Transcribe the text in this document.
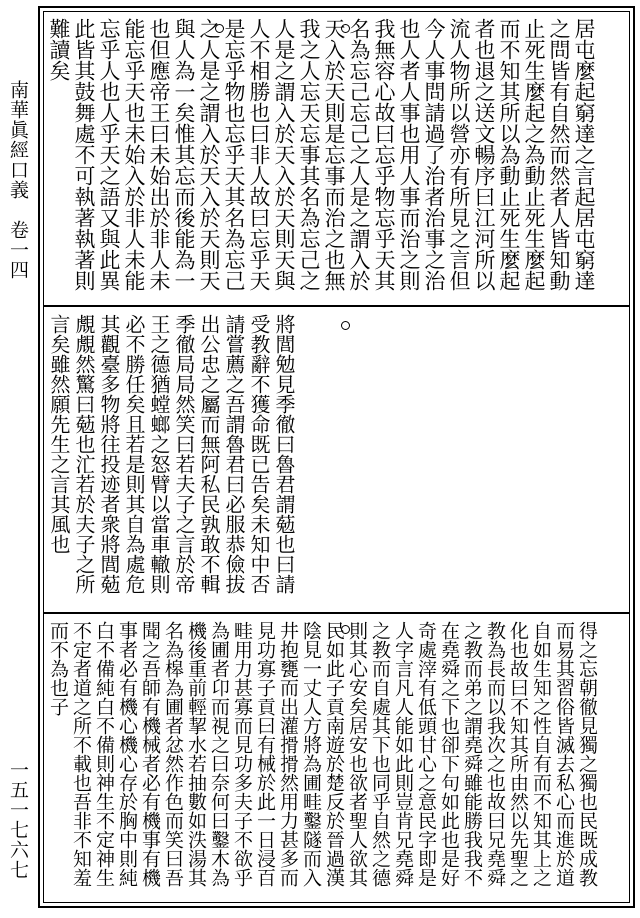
南華眞經口義　卷一四
一五一七六七
居屯麼起窮達之言起居屯窮達之問皆有自然而然者人皆知動止死生麼起之為動止死生麼起而不知其所以為動止死生麼起者也退之送文暢序曰江河所以流人物所以營亦有所見之言但今人事問請過了治者治事之治也人者人事也用人事而治之則我無容心故曰忘乎物忘乎天其名為忘己忘己之人是之謂入於天入於天則是忘事而治之也無我之人忘天忘事其名為忘己之人是之謂入於天入於天則天與人不相勝也曰非人故曰忘乎天是忘乎物也忘乎天其名為忘己之人是之謂入於天入於天則天與人為一矣惟其忘而後能為一也但應帝王曰未始出於非人未能忘乎天也未始入於非人未能忘乎人也人乎天之語又與此異此皆其鼓舞處不可執著執著則難讀矣
將閭勉見季徹曰魯君謂葂也曰請受教辭不獲命既已告矣未知中否請嘗薦之吾謂魯君曰必服恭儉拔出公忠之屬而無阿私民孰敢不輯季徹局局然笑曰若夫子之言於帝王之德猶螳螂之怒臂以當車轍則必不勝任矣且若是則其自為處危其觀臺多物將往投迹者衆將閭葂覤覤然驚曰葂也汒若於夫子之所言矣雖然願先生之言其風也
得之忘朝徹見獨之獨也民既成教而易其習俗皆滅去私心而進於道自如生知之性自有而不知其上之化也故曰不知其所由然以先聖之教為長而以我次之也故曰兄堯舜之教而弟之謂堯舜雖能勝我我不在堯舜之下也卻下句如此也是好奇處滓有低頭甘心之意民字即是人字言凡人能如此則豈肯兄堯舜之教而自處其下也同乎自然之德則其心安矣居安也欲者聖人欲其民如此子貢南遊於楚反於晉過漢陰見一丈人方將為圃畦鑿隧而入井抱甕而出灌搰搰然用力甚多而見功寡子貢曰有械於此一日浸百畦用力甚寡而見功多夫子不欲乎為圃者卬而視之曰奈何曰鑿木為機後重前輕挈水若抽數如泆湯其名為槔為圃者忿然作色而笑曰吾聞之吾師有機械者必有機事有機事者必有機心機心存於胸中則純白不備純白不備則神生不定神生不定者道之所不載也吾非不知羞而不為也子
